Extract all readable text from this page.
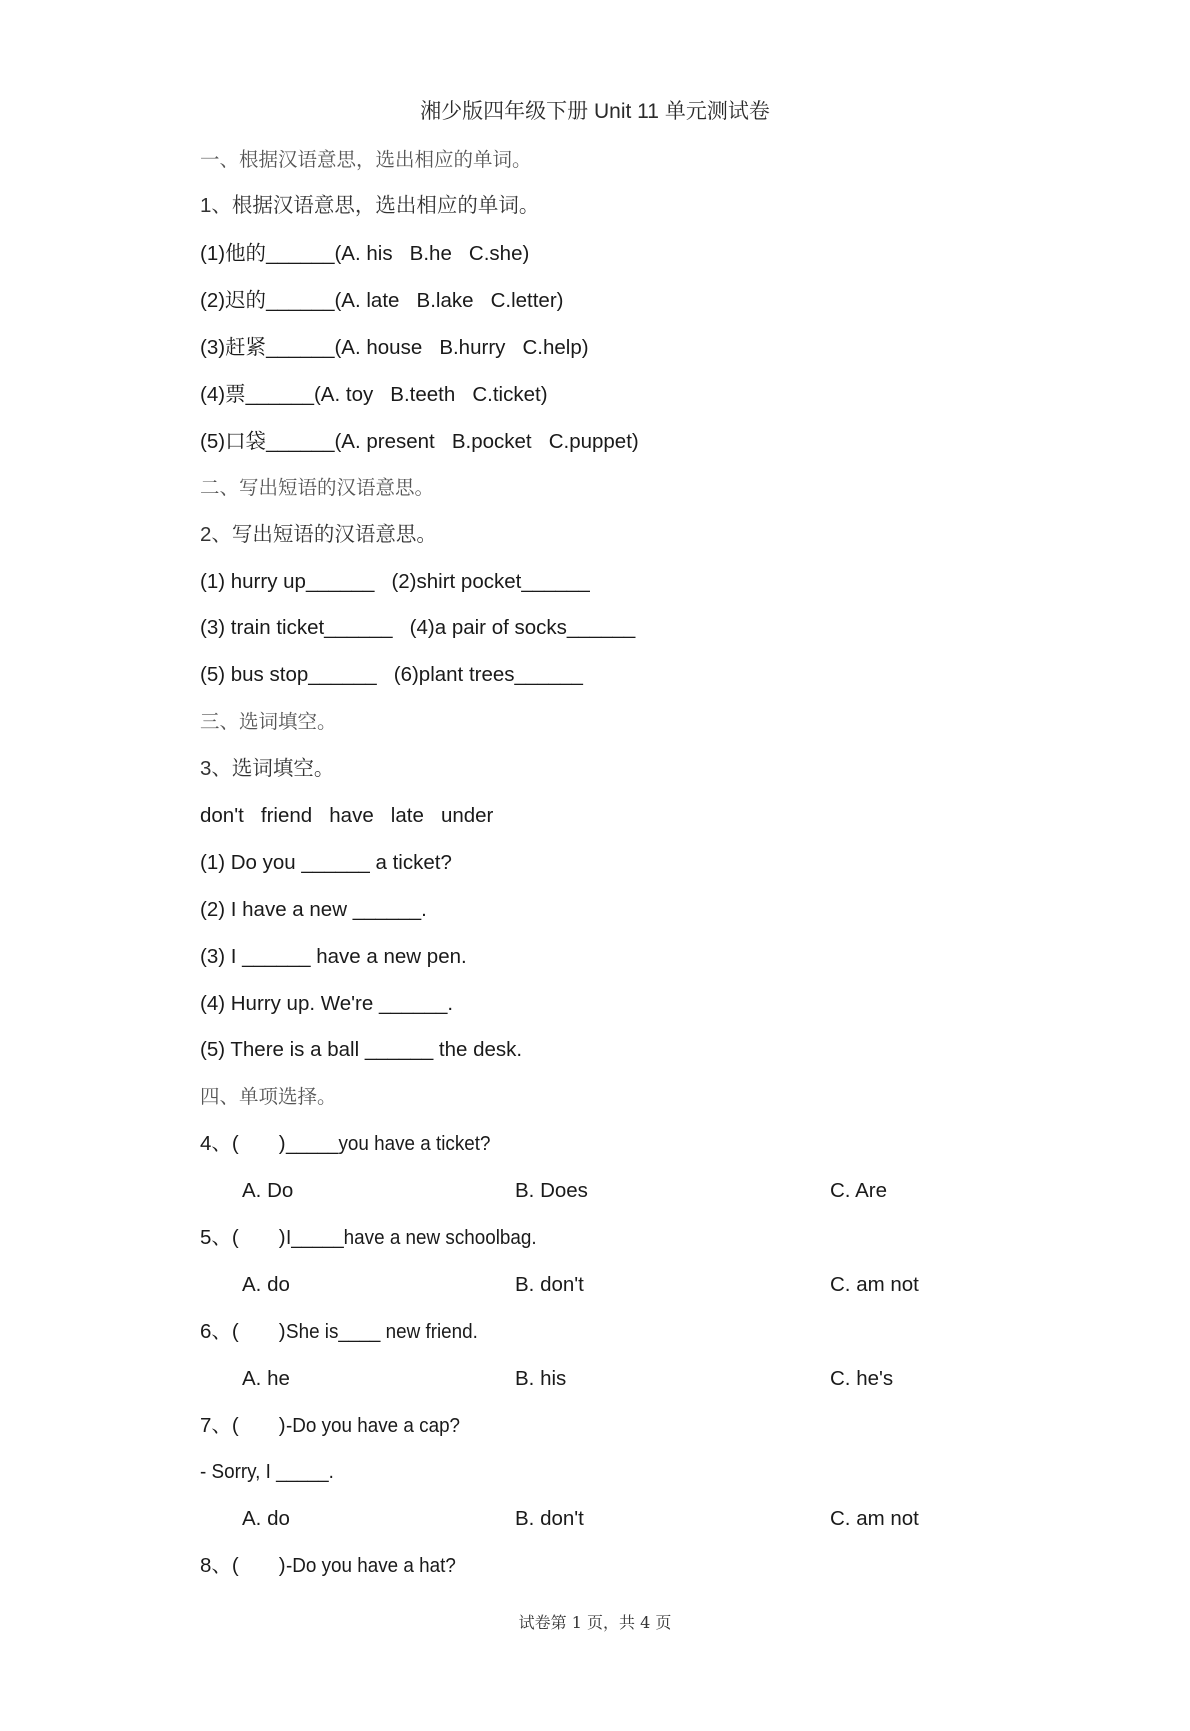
湘少版四年级下册 Unit 11 单元测试卷
一、根据汉语意思，选出相应的单词。
1、根据汉语意思，选出相应的单词。
(1)他的______(A. his   B.he   C.she)
(2)迟的______(A. late   B.lake   C.letter)
(3)赶紧______(A. house   B.hurry   C.help)
(4)票______(A. toy   B.teeth   C.ticket)
(5)口袋______(A. present   B.pocket   C.puppet)
二、写出短语的汉语意思。
2、写出短语的汉语意思。
(1) hurry up______   (2)shirt pocket______
(3) train ticket______   (4)a pair of socks______
(5) bus stop______   (6)plant trees______
三、选词填空。
3、选词填空。
don't   friend   have   late   under
(1) Do you ______ a ticket?
(2) I have a new ______.
(3) I ______ have a new pen.
(4) Hurry up. We're ______.
(5) There is a ball ______ the desk.
四、单项选择。
4、( )_____you have a ticket?

A. Do

	B. Does

	C. Are

5、( )I_____have a new schoolbag.

A. do

	B. don't

	C. am not

6、( )She is____ new friend.

A. he

	B. his

	C. he's

7、( )-Do you have a cap?
- Sorry, I _____.

A. do

	B. don't

	C. am not

8、( )-Do you have a hat?
试卷第 1 页，共 4 页
